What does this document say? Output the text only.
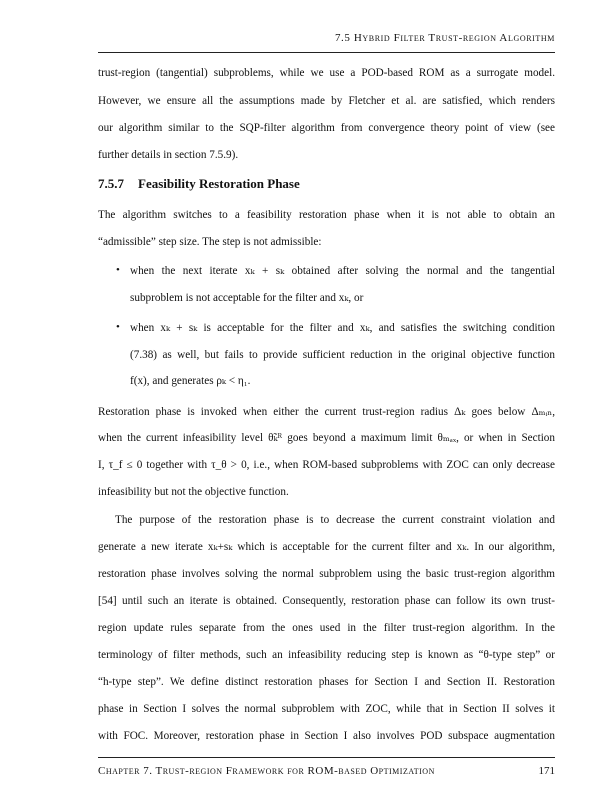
7.5 Hybrid Filter Trust-region Algorithm
trust-region (tangential) subproblems, while we use a POD-based ROM as a surrogate model.
However, we ensure all the assumptions made by Fletcher et al. are satisfied, which renders
our algorithm similar to the SQP-filter algorithm from convergence theory point of view (see
further details in section 7.5.9).
7.5.7 Feasibility Restoration Phase
The algorithm switches to a feasibility restoration phase when it is not able to obtain an
“admissible” step size. The step is not admissible:
• when the next iterate xₖ + sₖ obtained after solving the normal and the tangential
subproblem is not acceptable for the filter and xₖ, or
• when xₖ + sₖ is acceptable for the filter and xₖ, and satisfies the switching condition
(7.38) as well, but fails to provide sufficient reduction in the original objective function
f(x), and generates ρₖ < η₁.
Restoration phase is invoked when either the current trust-region radius Δₖ goes below Δₘᵢₙ,
when the current infeasibility level θ̃ₖᴿ goes beyond a maximum limit θₘₐₓ, or when in Section
I, τ_f ≤ 0 together with τ_θ > 0, i.e., when ROM-based subproblems with ZOC can only decrease
infeasibility but not the objective function.
The purpose of the restoration phase is to decrease the current constraint violation and
generate a new iterate xₖ+sₖ which is acceptable for the current filter and xₖ. In our algorithm,
restoration phase involves solving the normal subproblem using the basic trust-region algorithm
[54] until such an iterate is obtained. Consequently, restoration phase can follow its own trust-
region update rules separate from the ones used in the filter trust-region algorithm. In the
terminology of filter methods, such an infeasibility reducing step is known as “θ-type step” or
“h-type step”. We define distinct restoration phases for Section I and Section II. Restoration
phase in Section I solves the normal subproblem with ZOC, while that in Section II solves it
with FOC. Moreover, restoration phase in Section I also involves POD subspace augmentation
Chapter 7. Trust-region Framework for ROM-based Optimization	171
